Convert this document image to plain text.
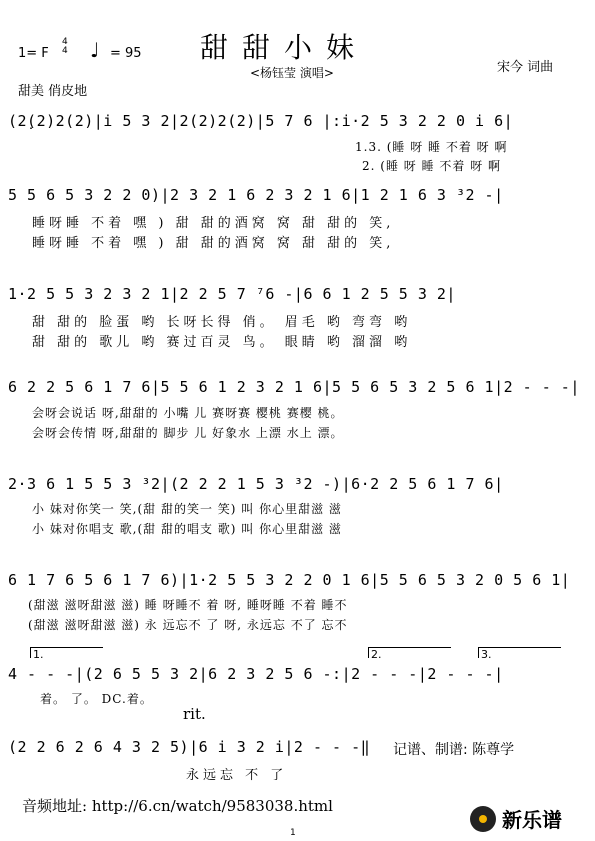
1= F
4
4 ♩ = 95 甜甜小妹
<杨钰莹 演唱>	宋今 词曲
甜美 俏皮地
(2̣(2)2(2)|i 5 3 2|2(2)2(2)|5 7 6 |:i·2 5 3 2 2 0 i 6|
1.3. (睡 呀 睡 不着 呀 啊
2. (睡 呀 睡 不着 呀 啊
5 5 6 5 3 2 2 0)|2 3 2 1 6 2 3 2 1 6|1 2 1 6 3 ³2 -|
睡呀睡 不着 嘿 ) 甜 甜的酒窝 窝 甜 甜的 笑,
睡呀睡 不着 嘿 ) 甜 甜的酒窝 窝 甜 甜的 笑,
1·2 5 5 3 2 3 2 1|2 2 5 7 ⁷6 -|6 6 1 2 5 5 3 2|
甜 甜的 脸蛋 哟 长呀长得 俏。 眉毛 哟 弯弯 哟
甜 甜的 歌儿 哟 赛过百灵 鸟。 眼睛 哟 溜溜 哟
6 2 2 5 6 1 7 6|5 5 6 1 2 3 2 1 6|5 5 6 5 3 2 5 6 1|2 - - -|
会呀会说话 呀,甜甜的 小嘴 儿 赛呀赛 樱桃 赛樱 桃。
会呀会传情 呀,甜甜的 脚步 儿 好象水 上漂 水上 漂。
2·3 6 1 5 5 3 ³2|(2 2 2 1 5 3 ³2 -)|6·2 2 5 6 1 7 6|
小 妹对你笑一 笑,(甜 甜的笑一 笑) 叫 你心里甜滋 滋
小 妹对你唱支 歌,(甜 甜的唱支 歌) 叫 你心里甜滋 滋
6 1 7 6 5 6 1 7 6)|1·2 5 5 3 2 2 0 1 6|5 5 6 5 3 2 0 5 6 1|
(甜滋 滋呀甜滋 滋) 睡 呀睡不 着 呀, 睡呀睡 不着 睡不
(甜滋 滋呀甜滋 滋) 永 远忘不 了 呀, 永远忘 不了 忘不
1.	2.	3.
4 - - -|(2 6 5 5 3 2|6 2 3 2 5 6 -:|2 - - -|2 - - -|
着。 了。 DC.着。
rit.
(2 2 6 2 6 4 3 2 5)|6 i 3 2 i|2 - - -‖
永远忘 不 了
记谱、制谱: 陈尊学
音频地址: http://6.cn/watch/9583038.html
1
新乐谱
